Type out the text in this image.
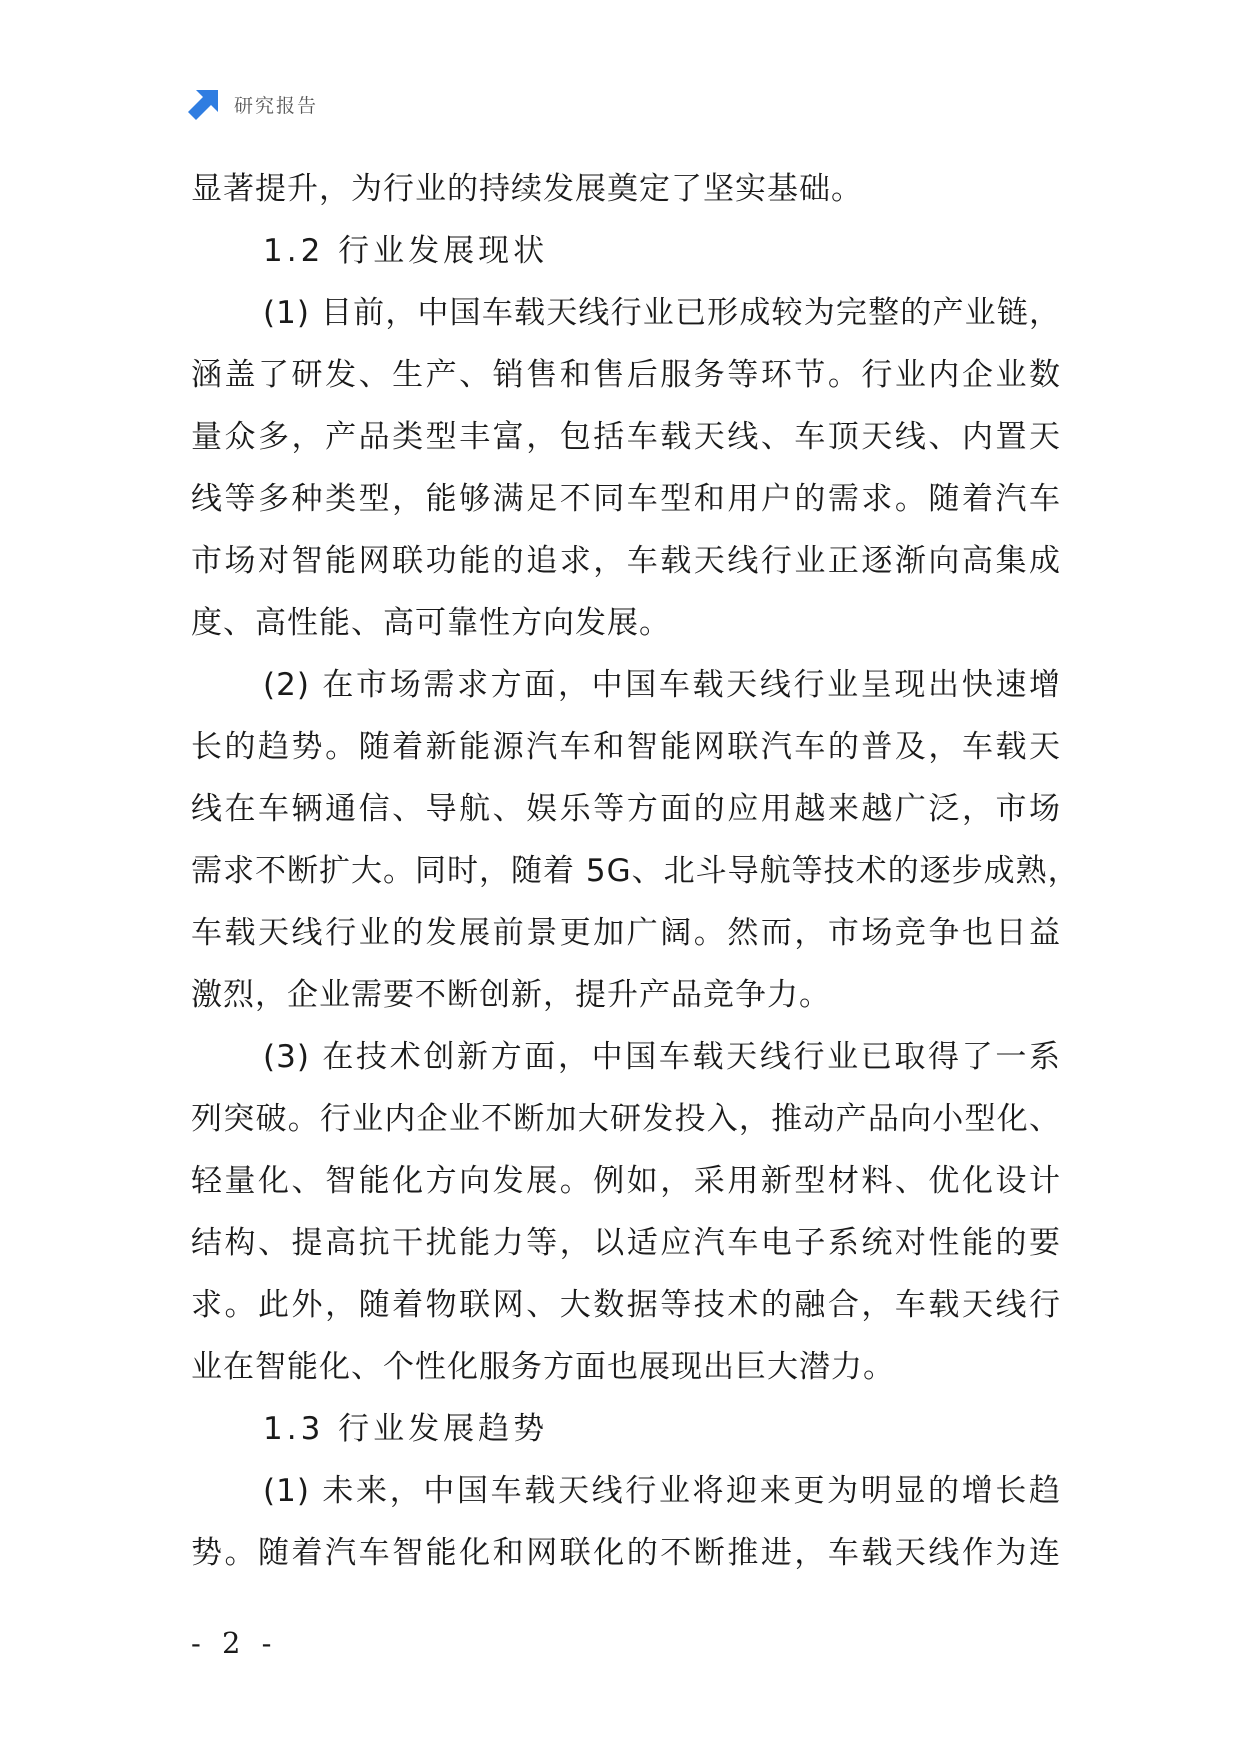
研究报告
显著提升，为行业的持续发展奠定了坚实基础。
1.2 行业发展现状
(1) 目前，中国车载天线行业已形成较为完整的产业链，
涵盖了研发、生产、销售和售后服务等环节。行业内企业数
量众多，产品类型丰富，包括车载天线、车顶天线、内置天
线等多种类型，能够满足不同车型和用户的需求。随着汽车
市场对智能网联功能的追求，车载天线行业正逐渐向高集成
度、高性能、高可靠性方向发展。
(2) 在市场需求方面，中国车载天线行业呈现出快速增
长的趋势。随着新能源汽车和智能网联汽车的普及，车载天
线在车辆通信、导航、娱乐等方面的应用越来越广泛，市场
需求不断扩大。同时，随着 5G、北斗导航等技术的逐步成熟，
车载天线行业的发展前景更加广阔。然而，市场竞争也日益
激烈，企业需要不断创新，提升产品竞争力。
(3) 在技术创新方面，中国车载天线行业已取得了一系
列突破。行业内企业不断加大研发投入，推动产品向小型化、
轻量化、智能化方向发展。例如，采用新型材料、优化设计
结构、提高抗干扰能力等，以适应汽车电子系统对性能的要
求。此外，随着物联网、大数据等技术的融合，车载天线行
业在智能化、个性化服务方面也展现出巨大潜力。
1.3 行业发展趋势
(1) 未来，中国车载天线行业将迎来更为明显的增长趋
势。随着汽车智能化和网联化的不断推进，车载天线作为连
- 2 -
